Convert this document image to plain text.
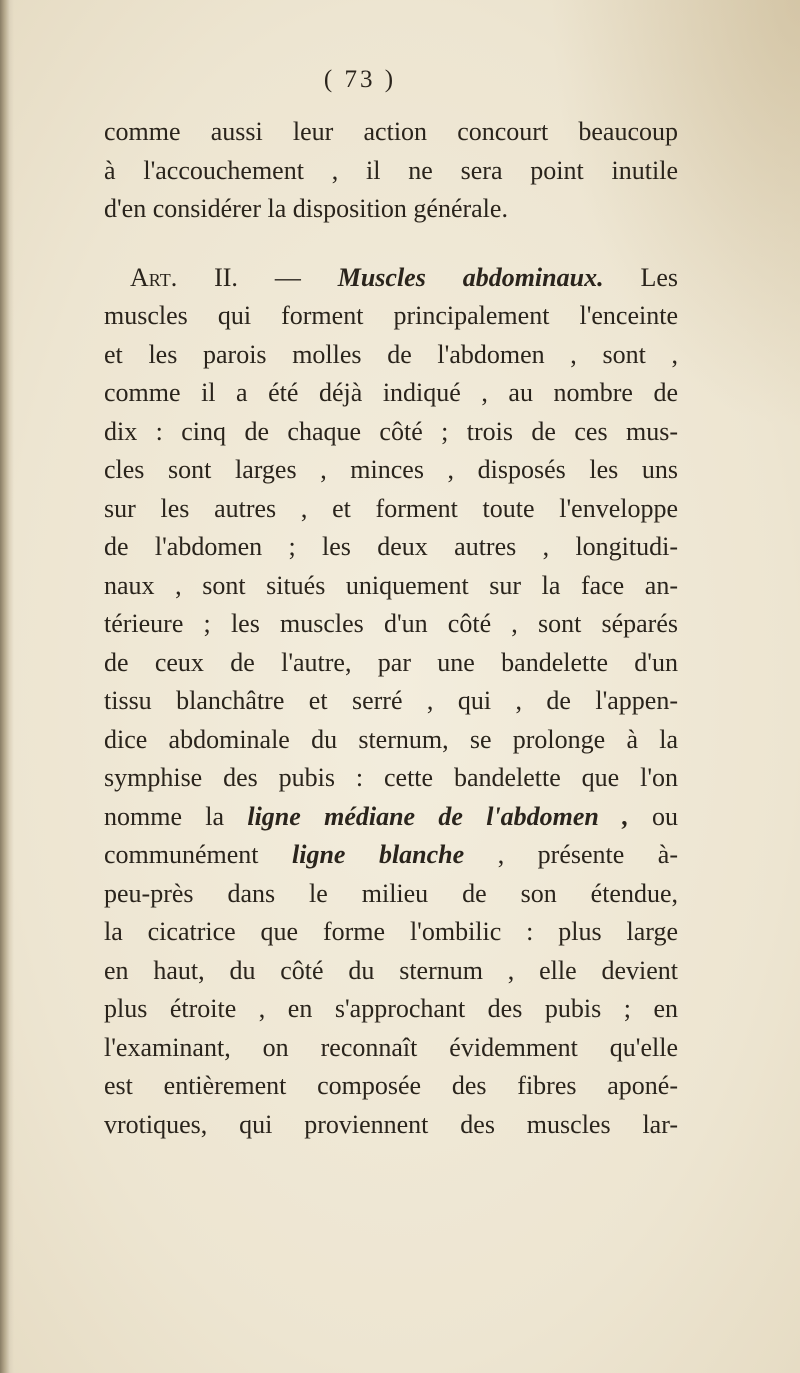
( 73 )
comme aussi leur action concourt beaucoup
à l'accouchement , il ne sera point inutile
d'en considérer la disposition générale.
Art. II. — Muscles abdominaux. Les
muscles qui forment principalement l'enceinte
et les parois molles de l'abdomen , sont ,
comme il a été déjà indiqué , au nombre de
dix : cinq de chaque côté ; trois de ces mus-
cles sont larges , minces , disposés les uns
sur les autres , et forment toute l'enveloppe
de l'abdomen ; les deux autres , longitudi-
naux , sont situés uniquement sur la face an-
térieure ; les muscles d'un côté , sont séparés
de ceux de l'autre, par une bandelette d'un
tissu blanchâtre et serré , qui , de l'appen-
dice abdominale du sternum, se prolonge à la
symphise des pubis : cette bandelette que l'on
nomme la ligne médiane de l'abdomen , ou
communément ligne blanche , présente à-
peu-près dans le milieu de son étendue,
la cicatrice que forme l'ombilic : plus large
en haut, du côté du sternum , elle devient
plus étroite , en s'approchant des pubis ; en
l'examinant, on reconnaît évidemment qu'elle
est entièrement composée des fibres aponé-
vrotiques, qui proviennent des muscles lar-
